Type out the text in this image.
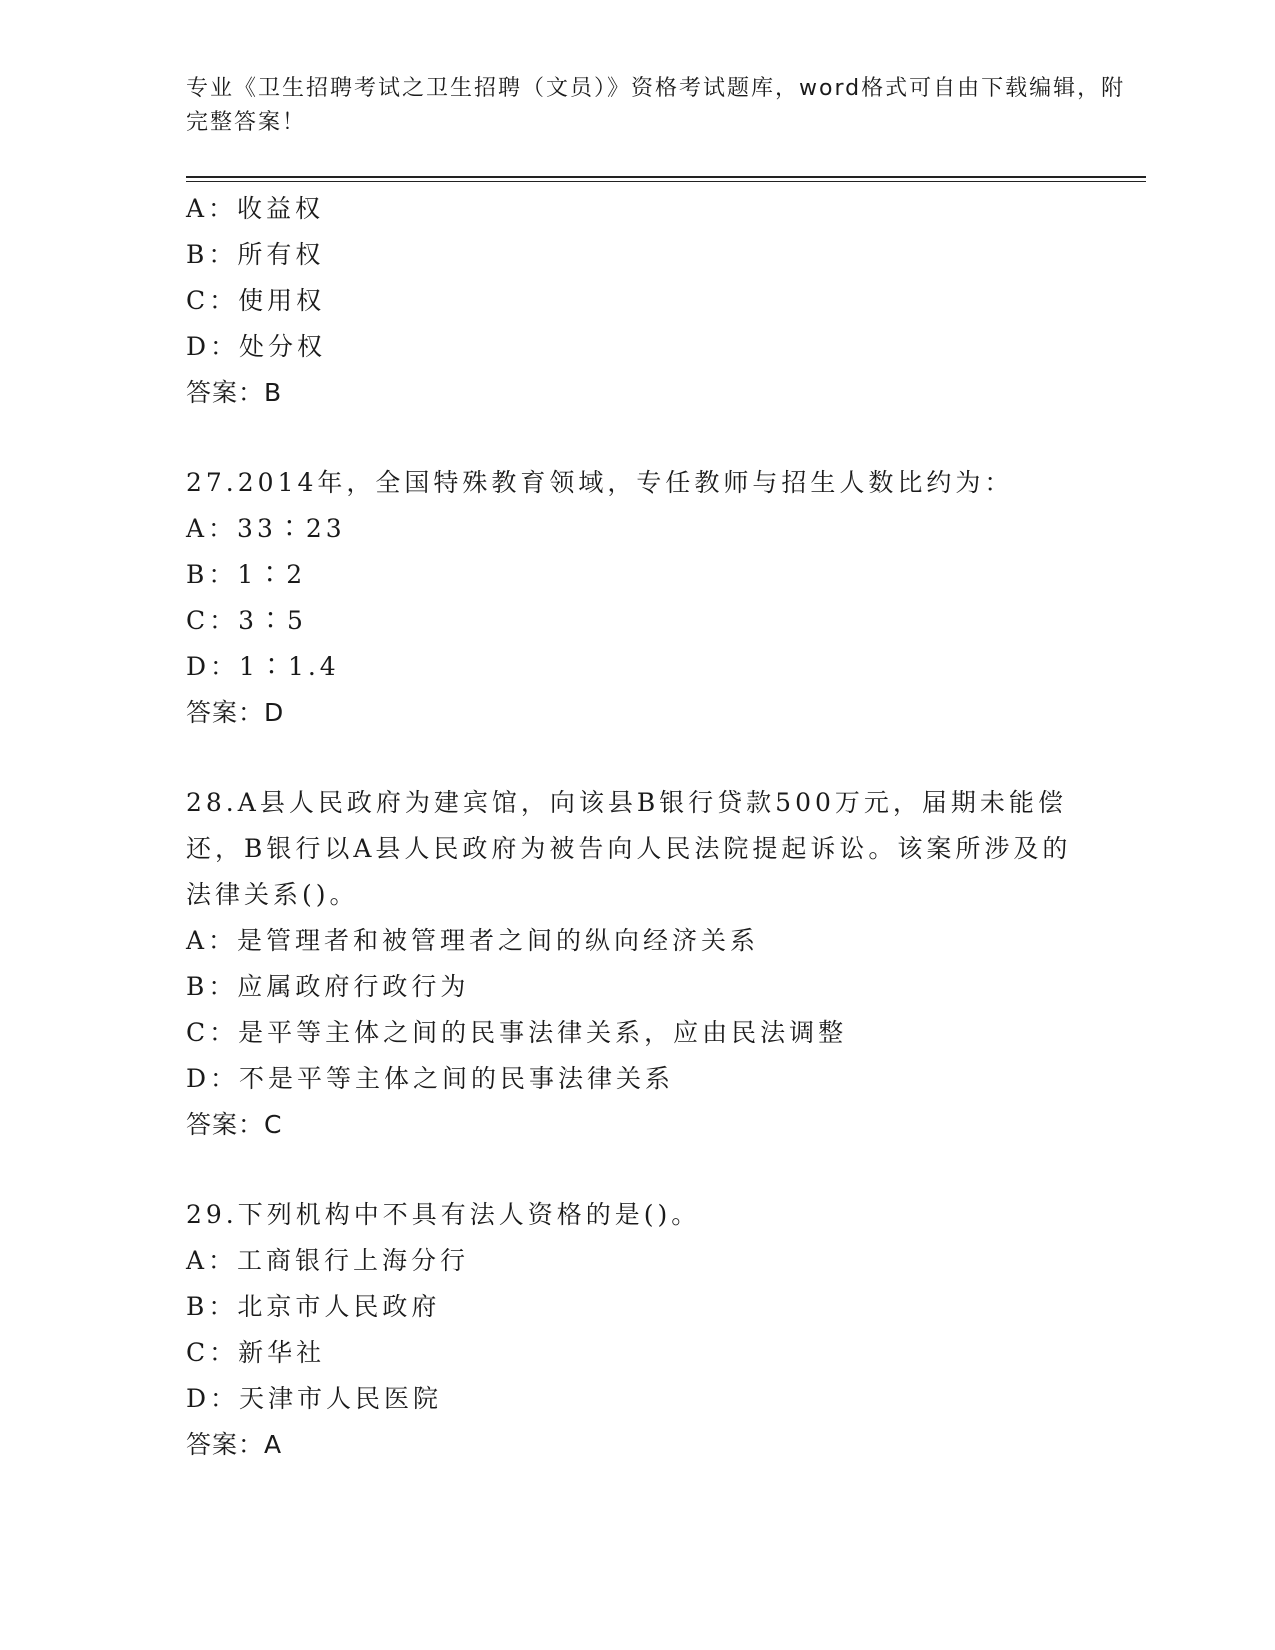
专业《卫生招聘考试之卫生招聘（文员）》资格考试题库，word格式可自由下载编辑，附完整答案！

A：收益权

B：所有权

C：使用权

D：处分权

答案：B

27.2014年，全国特殊教育领域，专任教师与招生人数比约为：

A：33∶23

B：1∶2

C：3∶5

D：1∶1.4

答案：D

28.A县人民政府为建宾馆，向该县B银行贷款500万元，届期未能偿还，B银行以A县人民政府为被告向人民法院提起诉讼。该案所涉及的法律关系()。

A：是管理者和被管理者之间的纵向经济关系

B：应属政府行政行为

C：是平等主体之间的民事法律关系，应由民法调整

D：不是平等主体之间的民事法律关系

答案：C

29.下列机构中不具有法人资格的是()。

A：工商银行上海分行

B：北京市人民政府

C：新华社

D：天津市人民医院

答案：A
